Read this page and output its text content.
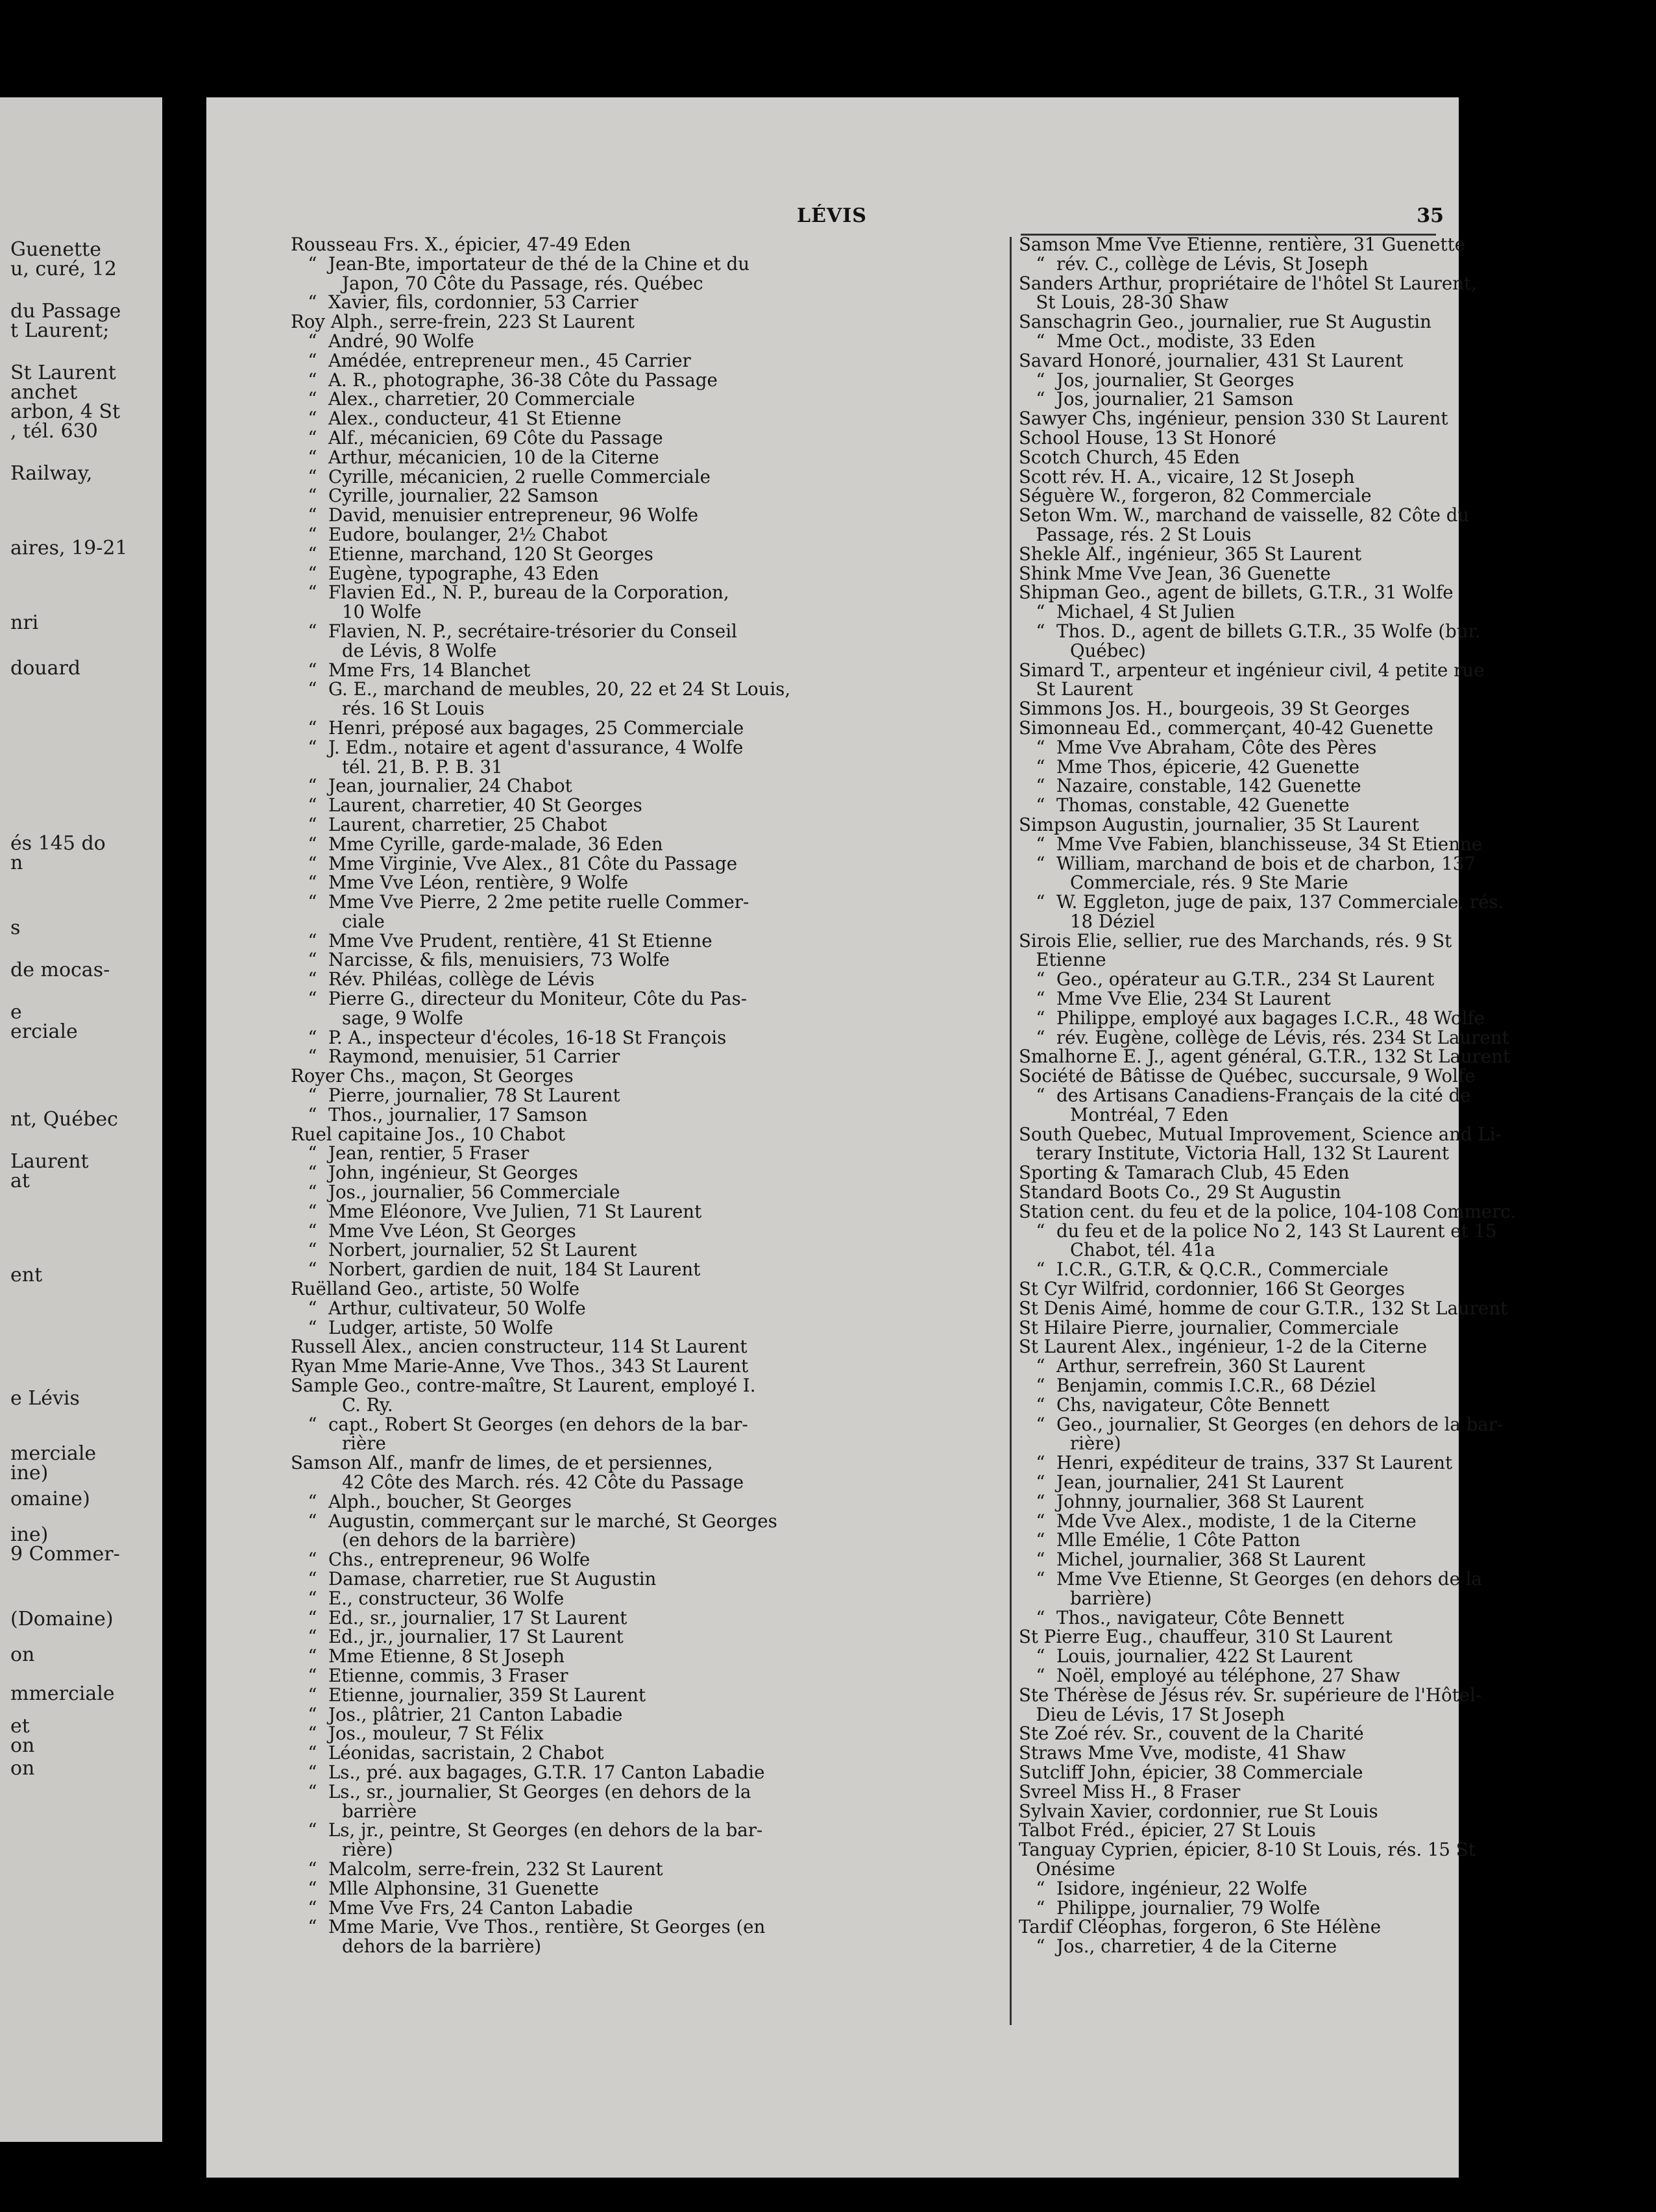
Guenette
u, curé, 12
du Passage
t Laurent;
St Laurent
anchet
arbon, 4 St
, tél. 630
Railway,
aires, 19-21
nri
douard
és 145 do
n
s
de mocas-
e
erciale
nt, Québec
Laurent
at
ent
e Lévis
merciale
ine)
omaine)
ine)
9 Commer-
(Domaine)
on
mmerciale
et
on
on
LÉVIS	35
Rousseau Frs. X., épicier, 47-49 Eden
“  Jean-Bte, importateur de thé de la Chine et du
Japon, 70 Côte du Passage, rés. Québec
“  Xavier, fils, cordonnier, 53 Carrier
Roy Alph., serre-frein, 223 St Laurent
“  André, 90 Wolfe
“  Amédée, entrepreneur men., 45 Carrier
“  A. R., photographe, 36-38 Côte du Passage
“  Alex., charretier, 20 Commerciale
“  Alex., conducteur, 41 St Etienne
“  Alf., mécanicien, 69 Côte du Passage
“  Arthur, mécanicien, 10 de la Citerne
“  Cyrille, mécanicien, 2 ruelle Commerciale
“  Cyrille, journalier, 22 Samson
“  David, menuisier entrepreneur, 96 Wolfe
“  Eudore, boulanger, 2½ Chabot
“  Etienne, marchand, 120 St Georges
“  Eugène, typographe, 43 Eden
“  Flavien Ed., N. P., bureau de la Corporation,
10 Wolfe
“  Flavien, N. P., secrétaire-trésorier du Conseil
de Lévis, 8 Wolfe
“  Mme Frs, 14 Blanchet
“  G. E., marchand de meubles, 20, 22 et 24 St Louis,
rés. 16 St Louis
“  Henri, préposé aux bagages, 25 Commerciale
“  J. Edm., notaire et agent d'assurance, 4 Wolfe
tél. 21, B. P. B. 31
“  Jean, journalier, 24 Chabot
“  Laurent, charretier, 40 St Georges
“  Laurent, charretier, 25 Chabot
“  Mme Cyrille, garde-malade, 36 Eden
“  Mme Virginie, Vve Alex., 81 Côte du Passage
“  Mme Vve Léon, rentière, 9 Wolfe
“  Mme Vve Pierre, 2 2me petite ruelle Commer-
ciale
“  Mme Vve Prudent, rentière, 41 St Etienne
“  Narcisse, & fils, menuisiers, 73 Wolfe
“  Rév. Philéas, collège de Lévis
“  Pierre G., directeur du Moniteur, Côte du Pas-
sage, 9 Wolfe
“  P. A., inspecteur d'écoles, 16-18 St François
“  Raymond, menuisier, 51 Carrier
Royer Chs., maçon, St Georges
“  Pierre, journalier, 78 St Laurent
“  Thos., journalier, 17 Samson
Ruel capitaine Jos., 10 Chabot
“  Jean, rentier, 5 Fraser
“  John, ingénieur, St Georges
“  Jos., journalier, 56 Commerciale
“  Mme Eléonore, Vve Julien, 71 St Laurent
“  Mme Vve Léon, St Georges
“  Norbert, journalier, 52 St Laurent
“  Norbert, gardien de nuit, 184 St Laurent
Ruëlland Geo., artiste, 50 Wolfe
“  Arthur, cultivateur, 50 Wolfe
“  Ludger, artiste, 50 Wolfe
Russell Alex., ancien constructeur, 114 St Laurent
Ryan Mme Marie-Anne, Vve Thos., 343 St Laurent
Sample Geo., contre-maître, St Laurent, employé I.
C. Ry.
“  capt., Robert St Georges (en dehors de la bar-
rière
Samson Alf., manfr de limes, de et persiennes,
42 Côte des March. rés. 42 Côte du Passage
“  Alph., boucher, St Georges
“  Augustin, commerçant sur le marché, St Georges
(en dehors de la barrière)
“  Chs., entrepreneur, 96 Wolfe
“  Damase, charretier, rue St Augustin
“  E., constructeur, 36 Wolfe
“  Ed., sr., journalier, 17 St Laurent
“  Ed., jr., journalier, 17 St Laurent
“  Mme Etienne, 8 St Joseph
“  Etienne, commis, 3 Fraser
“  Etienne, journalier, 359 St Laurent
“  Jos., plâtrier, 21 Canton Labadie
“  Jos., mouleur, 7 St Félix
“  Léonidas, sacristain, 2 Chabot
“  Ls., pré. aux bagages, G.T.R. 17 Canton Labadie
“  Ls., sr., journalier, St Georges (en dehors de la
barrière
“  Ls, jr., peintre, St Georges (en dehors de la bar-
rière)
“  Malcolm, serre-frein, 232 St Laurent
“  Mlle Alphonsine, 31 Guenette
“  Mme Vve Frs, 24 Canton Labadie
“  Mme Marie, Vve Thos., rentière, St Georges (en
dehors de la barrière)
Samson Mme Vve Etienne, rentière, 31 Guenette
“  rév. C., collège de Lévis, St Joseph
Sanders Arthur, propriétaire de l'hôtel St Laurent,
St Louis, 28-30 Shaw
Sanschagrin Geo., journalier, rue St Augustin
“  Mme Oct., modiste, 33 Eden
Savard Honoré, journalier, 431 St Laurent
“  Jos, journalier, St Georges
“  Jos, journalier, 21 Samson
Sawyer Chs, ingénieur, pension 330 St Laurent
School House, 13 St Honoré
Scotch Church, 45 Eden
Scott rév. H. A., vicaire, 12 St Joseph
Séguère W., forgeron, 82 Commerciale
Seton Wm. W., marchand de vaisselle, 82 Côte du
Passage, rés. 2 St Louis
Shekle Alf., ingénieur, 365 St Laurent
Shink Mme Vve Jean, 36 Guenette
Shipman Geo., agent de billets, G.T.R., 31 Wolfe
“  Michael, 4 St Julien
“  Thos. D., agent de billets G.T.R., 35 Wolfe (bur.
Québec)
Simard T., arpenteur et ingénieur civil, 4 petite rue
St Laurent
Simmons Jos. H., bourgeois, 39 St Georges
Simonneau Ed., commerçant, 40-42 Guenette
“  Mme Vve Abraham, Côte des Pères
“  Mme Thos, épicerie, 42 Guenette
“  Nazaire, constable, 142 Guenette
“  Thomas, constable, 42 Guenette
Simpson Augustin, journalier, 35 St Laurent
“  Mme Vve Fabien, blanchisseuse, 34 St Etienne
“  William, marchand de bois et de charbon, 137
Commerciale, rés. 9 Ste Marie
“  W. Eggleton, juge de paix, 137 Commerciale, rés.
18 Déziel
Sirois Elie, sellier, rue des Marchands, rés. 9 St
Etienne
“  Geo., opérateur au G.T.R., 234 St Laurent
“  Mme Vve Elie, 234 St Laurent
“  Philippe, employé aux bagages I.C.R., 48 Wolfe
“  rév. Eugène, collège de Lévis, rés. 234 St Laurent
Smalhorne E. J., agent général, G.T.R., 132 St Laurent
Société de Bâtisse de Québec, succursale, 9 Wolfe
“  des Artisans Canadiens-Français de la cité de
Montréal, 7 Eden
South Quebec, Mutual Improvement, Science and Li-
terary Institute, Victoria Hall, 132 St Laurent
Sporting & Tamarach Club, 45 Eden
Standard Boots Co., 29 St Augustin
Station cent. du feu et de la police, 104-108 Commerc.
“  du feu et de la police No 2, 143 St Laurent et 15
Chabot, tél. 41a
“  I.C.R., G.T.R, & Q.C.R., Commerciale
St Cyr Wilfrid, cordonnier, 166 St Georges
St Denis Aimé, homme de cour G.T.R., 132 St Laurent
St Hilaire Pierre, journalier, Commerciale
St Laurent Alex., ingénieur, 1-2 de la Citerne
“  Arthur, serrefrein, 360 St Laurent
“  Benjamin, commis I.C.R., 68 Déziel
“  Chs, navigateur, Côte Bennett
“  Geo., journalier, St Georges (en dehors de la bar-
rière)
“  Henri, expéditeur de trains, 337 St Laurent
“  Jean, journalier, 241 St Laurent
“  Johnny, journalier, 368 St Laurent
“  Mde Vve Alex., modiste, 1 de la Citerne
“  Mlle Emélie, 1 Côte Patton
“  Michel, journalier, 368 St Laurent
“  Mme Vve Etienne, St Georges (en dehors de la
barrière)
“  Thos., navigateur, Côte Bennett
St Pierre Eug., chauffeur, 310 St Laurent
“  Louis, journalier, 422 St Laurent
“  Noël, employé au téléphone, 27 Shaw
Ste Thérèse de Jésus rév. Sr. supérieure de l'Hôtel-
Dieu de Lévis, 17 St Joseph
Ste Zoé rév. Sr., couvent de la Charité
Straws Mme Vve, modiste, 41 Shaw
Sutcliff John, épicier, 38 Commerciale
Svreel Miss H., 8 Fraser
Sylvain Xavier, cordonnier, rue St Louis
Talbot Fréd., épicier, 27 St Louis
Tanguay Cyprien, épicier, 8-10 St Louis, rés. 15 St
Onésime
“  Isidore, ingénieur, 22 Wolfe
“  Philippe, journalier, 79 Wolfe
Tardif Cléophas, forgeron, 6 Ste Hélène
“  Jos., charretier, 4 de la Citerne
